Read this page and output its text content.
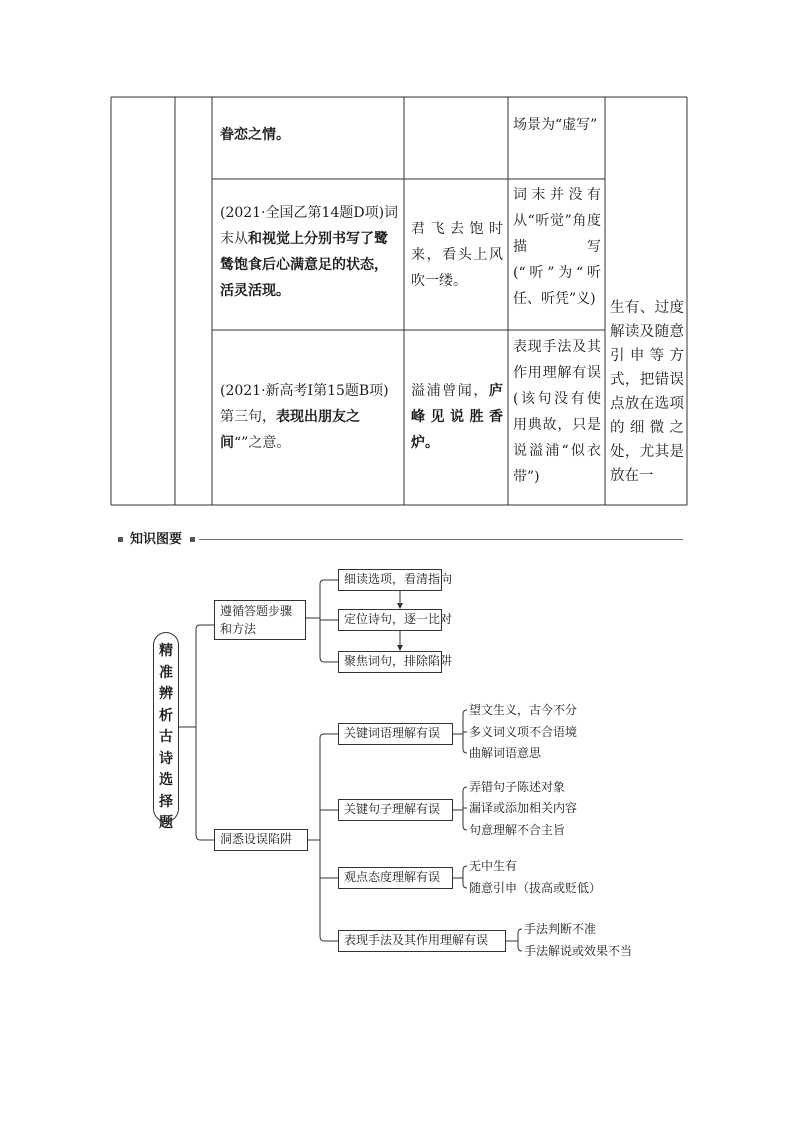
眷恋之情。
场景为“虚写”
(2021·全国乙第14题D项)词末从和视觉上分别书写了鹭鸶饱食后心满意足的状态，活灵活现。
君飞去饱时来，看头上风吹一缕。
词末并没有从“听觉”角度描写(“听”为“听任、听凭”义)
(2021·新高考Ⅰ第15题B项)第三句，表现出朋友之间“”之意。
溢浦曾闻，庐峰见说胜香炉。
表现手法及其作用理解有误(该句没有使用典故，只是说溢浦“似衣带”)
生有、过度解读及随意引申等方式，把错误点放在选项的细微之处，尤其是放在一
知识图要
精
准
辨
析
古
诗
选
择
题
遵循答题步骤和方法
细读选项，看清指向
定位诗句，逐一比对
聚焦词句，排除陷阱
洞悉设误陷阱
关键词语理解有误
望文生义，古今不分
多义词义项不合语境
曲解词语意思
关键句子理解有误
弄错句子陈述对象
漏译或添加相关内容
句意理解不合主旨
观点态度理解有误
无中生有
随意引申（拔高或贬低）
表现手法及其作用理解有误
手法判断不准
手法解说或效果不当
